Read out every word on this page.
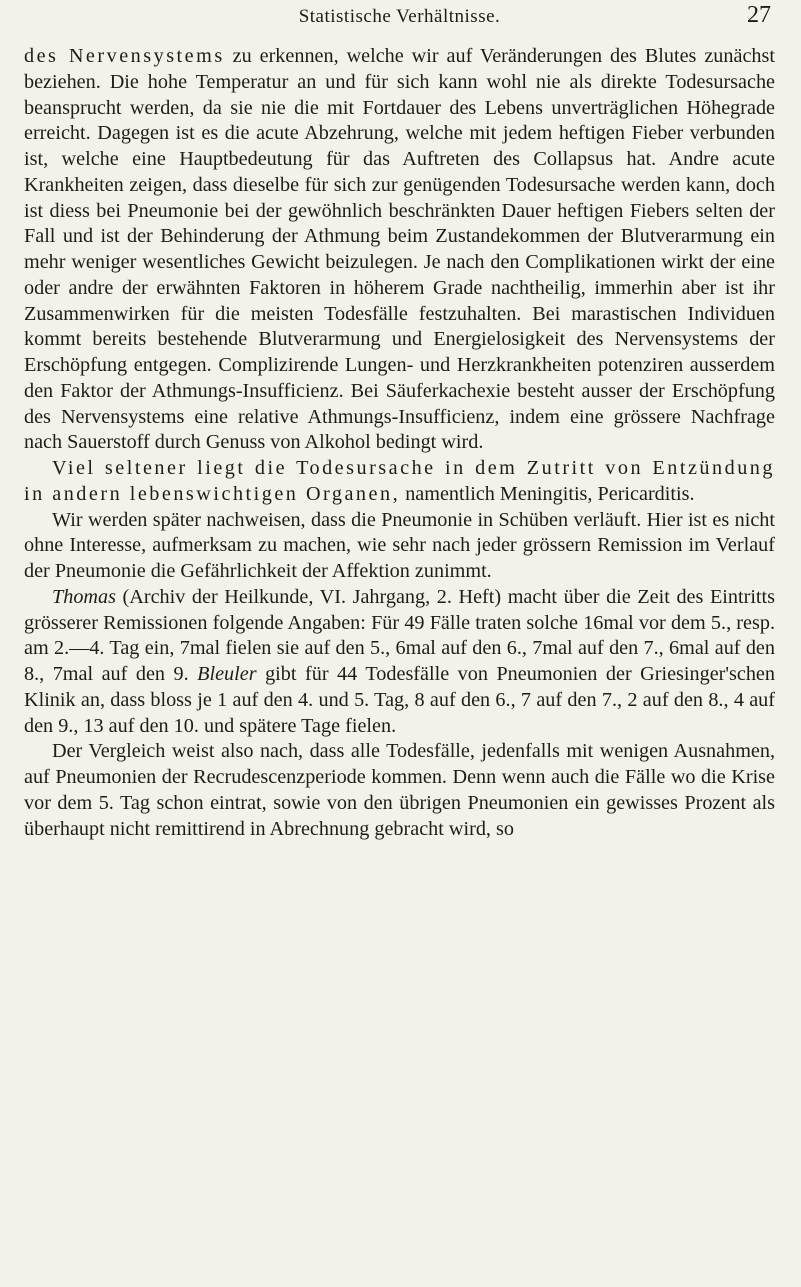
Statistische Verhältnisse.	27

des Nervensystems zu erkennen, welche wir auf Veränderungen des Blutes zunächst beziehen. Die hohe Temperatur an und für sich kann wohl nie als direkte Todesursache beansprucht werden, da sie nie die mit Fortdauer des Lebens unverträglichen Höhegrade erreicht. Dagegen ist es die acute Abzehrung, welche mit jedem heftigen Fieber verbunden ist, welche eine Hauptbedeutung für das Auftreten des Collapsus hat. Andre acute Krankheiten zeigen, dass dieselbe für sich zur genügenden Todesursache werden kann, doch ist diess bei Pneumonie bei der gewöhnlich beschränkten Dauer heftigen Fiebers selten der Fall und ist der Behinderung der Athmung beim Zustandekommen der Blutverarmung ein mehr weniger wesentliches Gewicht beizulegen. Je nach den Complikationen wirkt der eine oder andre der erwähnten Faktoren in höherem Grade nachtheilig, immerhin aber ist ihr Zusammenwirken für die meisten Todesfälle festzuhalten. Bei marastischen Individuen kommt bereits bestehende Blutverarmung und Energielosigkeit des Nervensystems der Erschöpfung entgegen. Complizirende Lungen- und Herzkrankheiten potenziren ausserdem den Faktor der Athmungs-Insufficienz. Bei Säuferkachexie besteht ausser der Erschöpfung des Nervensystems eine relative Athmungs-Insufficienz, indem eine grössere Nachfrage nach Sauerstoff durch Genuss von Alkohol bedingt wird.

Viel seltener liegt die Todesursache in dem Zutritt von Entzündung in andern lebenswichtigen Organen, namentlich Meningitis, Pericarditis.

Wir werden später nachweisen, dass die Pneumonie in Schüben verläuft. Hier ist es nicht ohne Interesse, aufmerksam zu machen, wie sehr nach jeder grössern Remission im Verlauf der Pneumonie die Gefährlichkeit der Affektion zunimmt.

Thomas (Archiv der Heilkunde, VI. Jahrgang, 2. Heft) macht über die Zeit des Eintritts grösserer Remissionen folgende Angaben: Für 49 Fälle traten solche 16mal vor dem 5., resp. am 2.—4. Tag ein, 7mal fielen sie auf den 5., 6mal auf den 6., 7mal auf den 7., 6mal auf den 8., 7mal auf den 9. Bleuler gibt für 44 Todesfälle von Pneumonien der Griesinger'schen Klinik an, dass bloss je 1 auf den 4. und 5. Tag, 8 auf den 6., 7 auf den 7., 2 auf den 8., 4 auf den 9., 13 auf den 10. und spätere Tage fielen.

Der Vergleich weist also nach, dass alle Todesfälle, jedenfalls mit wenigen Ausnahmen, auf Pneumonien der Recrudescenzperiode kommen. Denn wenn auch die Fälle wo die Krise vor dem 5. Tag schon eintrat, sowie von den übrigen Pneumonien ein gewisses Prozent als überhaupt nicht remittirend in Abrechnung gebracht wird, so
